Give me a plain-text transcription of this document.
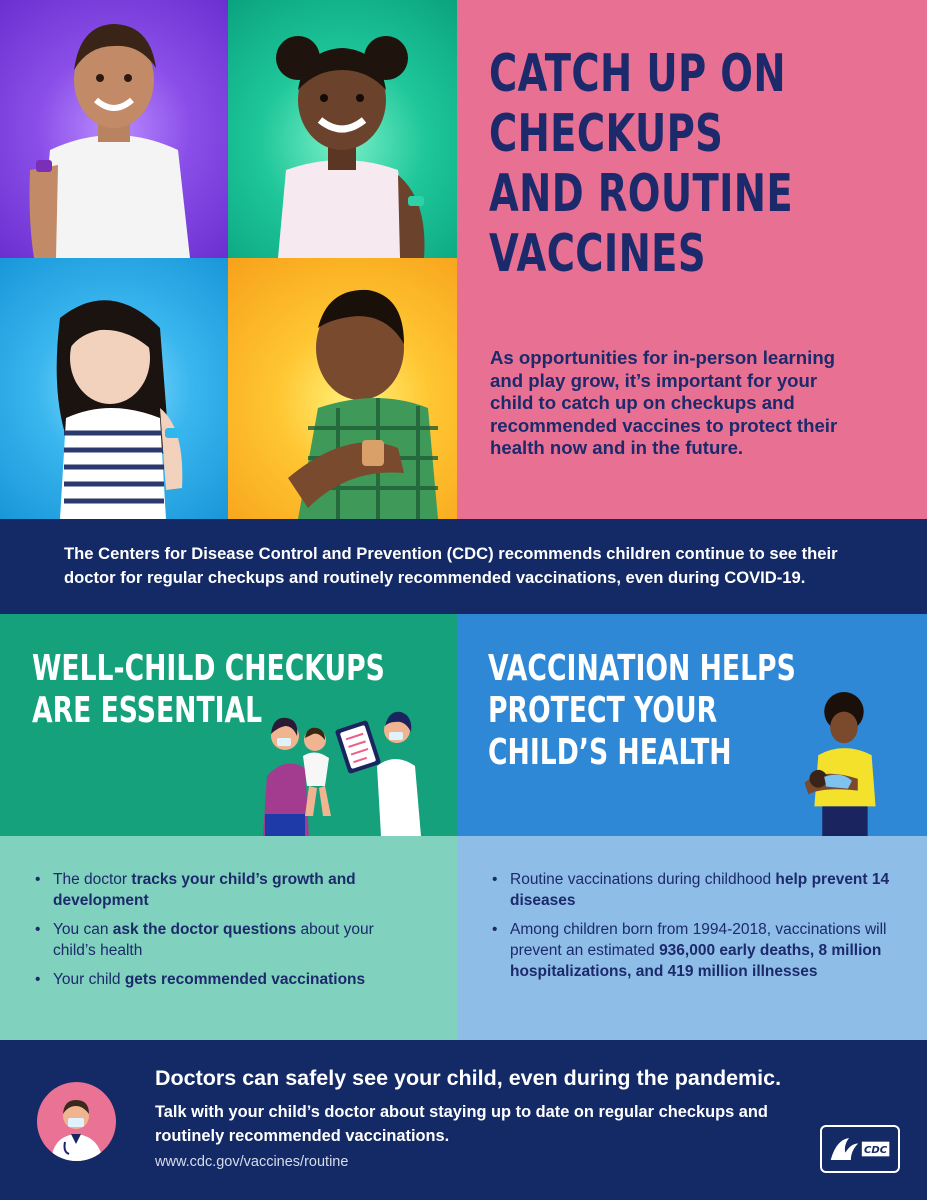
CATCH UP ON
CHECKUPS
AND ROUTINE
VACCINES

As opportunities for in-person learning and play grow, it’s important for your child to catch up on checkups and recommended vaccines to protect their health now and in the future.

The Centers for Disease Control and Prevention (CDC) recommends children continue to see their doctor for regular checkups and routinely recommended vaccinations, even during COVID-19.

WELL-CHILD CHECKUPS
ARE ESSENTIAL
VACCINATION HELPS
PROTECT YOUR
CHILD’S HEALTH
• The doctor tracks your child’s growth and development
• You can ask the doctor questions about your child’s health
• Your child gets recommended vaccinations
• Routine vaccinations during childhood help prevent 14 diseases
• Among children born from 1994-2018, vaccinations will prevent an estimated 936,000 early deaths, 8 million hospitalizations, and 419 million illnesses
Doctors can safely see your child, even during the pandemic.

Talk with your child’s doctor about staying up to date on regular checkups and routinely recommended vaccinations.

www.cdc.gov/vaccines/routine
CDC
